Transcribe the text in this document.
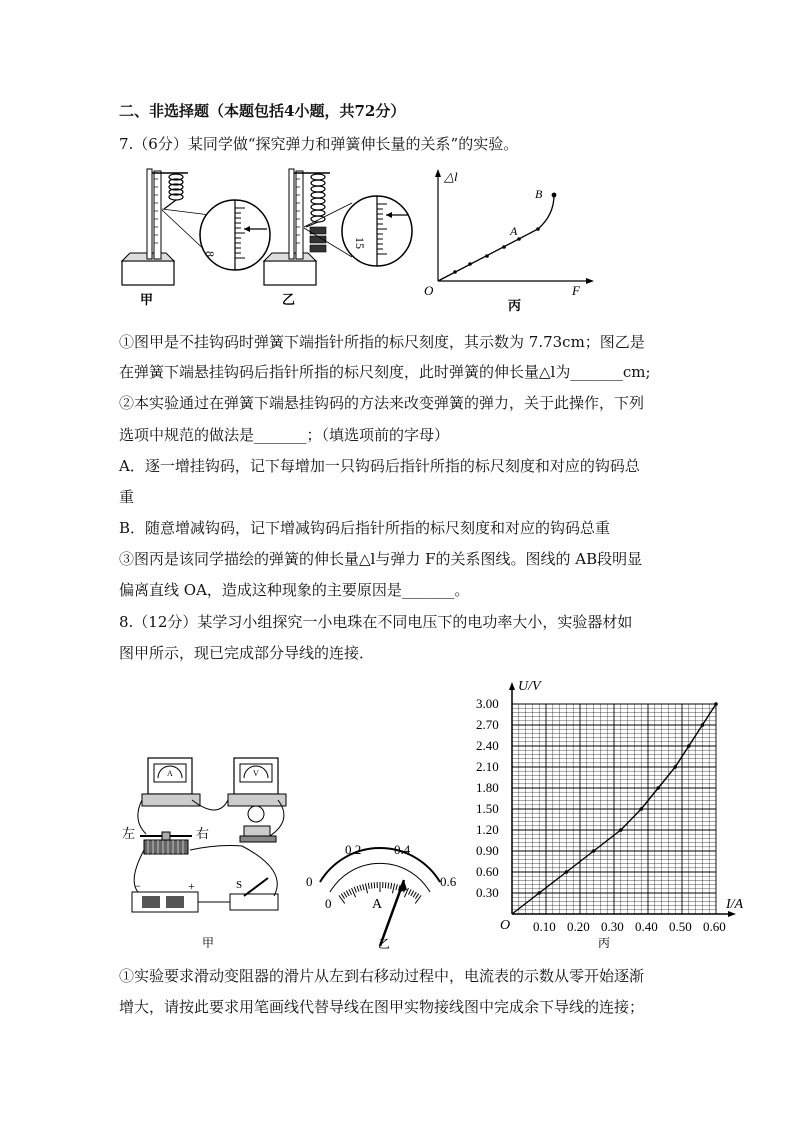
二、非选择题（本题包括4小题，共72分）
7.（6分）某同学做“探究弹力和弹簧伸长量的关系”的实验。
8
甲
15
乙
△l
F
O
A
B
丙
①图甲是不挂钩码时弹簧下端指针所指的标尺刻度，其示数为 7.73cm；图乙是
在弹簧下端悬挂钩码后指针所指的标尺刻度，此时弹簧的伸长量△l为_______cm;
②本实验通过在弹簧下端悬挂钩码的方法来改变弹簧的弹力，关于此操作，下列
选项中规范的做法是_______；（填选项前的字母）
A．逐一增挂钩码，记下每增加一只钩码后指针所指的标尺刻度和对应的钩码总
重
B．随意增减钩码，记下增减钩码后指针所指的标尺刻度和对应的钩码总重
③图丙是该同学描绘的弹簧的伸长量△l与弹力 F的关系图线。图线的 AB段明显
偏离直线 OA，造成这种现象的主要原因是_______。
8.（12分）某学习小组探究一小电珠在不同电压下的电功率大小，实验器材如
图甲所示，现已完成部分导线的连接．
A	V
左	右
−	+	S
甲
0
0.2	0.4
0.6
0	A
乙
0.10 0.20 0.30 0.40 0.50 0.60
0.30
0.60
0.90
1.20
1.50
1.80
2.10
2.40
2.70
3.00
U/V
I/A
O
丙
①实验要求滑动变阻器的滑片从左到右移动过程中，电流表的示数从零开始逐渐
增大，请按此要求用笔画线代替导线在图甲实物接线图中完成余下导线的连接；
